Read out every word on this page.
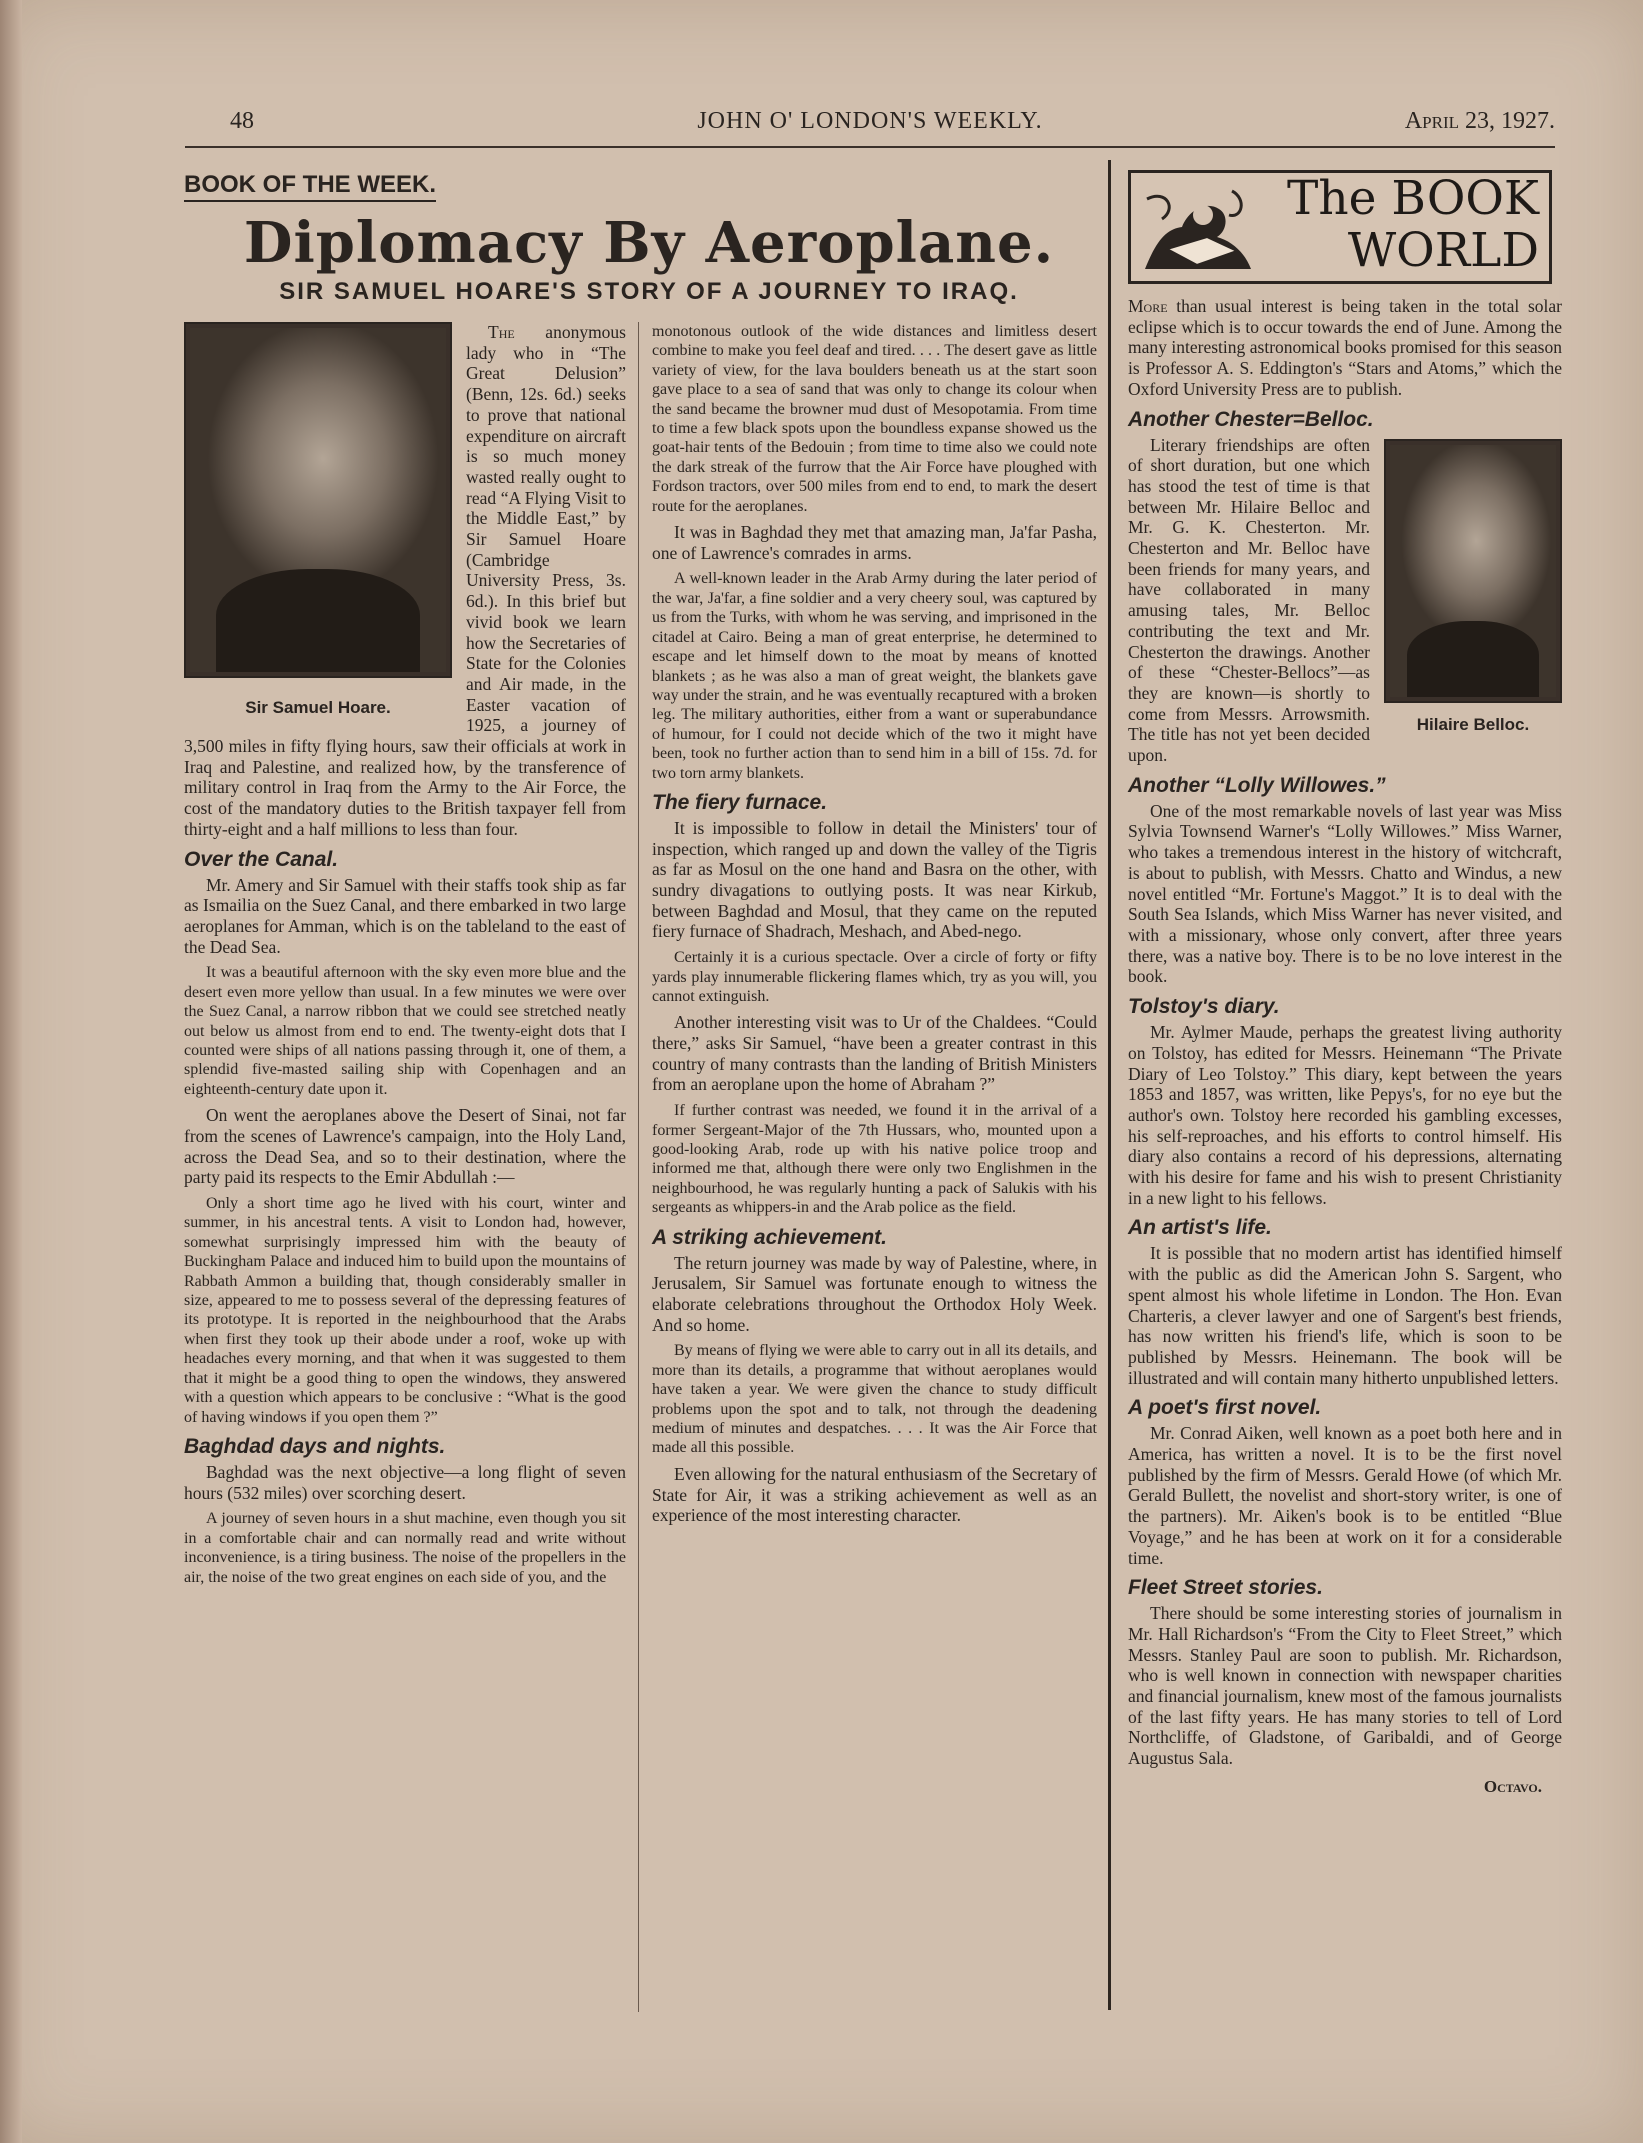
48	JOHN O' LONDON'S WEEKLY.	April 23, 1927.
BOOK OF THE WEEK.
Diplomacy By Aeroplane.
SIR SAMUEL HOARE'S STORY OF A JOURNEY TO IRAQ.
Sir Samuel Hoare.

The anonymous lady who in “The Great Delusion” (Benn, 12s. 6d.) seeks to prove that national expenditure on aircraft is so much money wasted really ought to read “A Flying Visit to the Middle East,” by Sir Samuel Hoare (Cambridge University Press, 3s. 6d.). In this brief but vivid book we learn how the Secretaries of State for the Colonies and Air made, in the Easter vacation of 1925, a journey of 3,500 miles in fifty flying hours, saw their officials at work in Iraq and Palestine, and realized how, by the transference of military control in Iraq from the Army to the Air Force, the cost of the mandatory duties to the British taxpayer fell from thirty-eight and a half millions to less than four.

Over the Canal.

Mr. Amery and Sir Samuel with their staffs took ship as far as Ismailia on the Suez Canal, and there embarked in two large aeroplanes for Amman, which is on the tableland to the east of the Dead Sea.

It was a beautiful afternoon with the sky even more blue and the desert even more yellow than usual. In a few minutes we were over the Suez Canal, a narrow ribbon that we could see stretched neatly out below us almost from end to end. The twenty-eight dots that I counted were ships of all nations passing through it, one of them, a splendid five-masted sailing ship with Copenhagen and an eighteenth-century date upon it.

On went the aeroplanes above the Desert of Sinai, not far from the scenes of Lawrence's campaign, into the Holy Land, across the Dead Sea, and so to their destination, where the party paid its respects to the Emir Abdullah :—

Only a short time ago he lived with his court, winter and summer, in his ancestral tents. A visit to London had, however, somewhat surprisingly impressed him with the beauty of Buckingham Palace and induced him to build upon the mountains of Rabbath Ammon a building that, though considerably smaller in size, appeared to me to possess several of the depressing features of its prototype. It is reported in the neighbourhood that the Arabs when first they took up their abode under a roof, woke up with headaches every morning, and that when it was suggested to them that it might be a good thing to open the windows, they answered with a question which appears to be conclusive : “What is the good of having windows if you open them ?”

Baghdad days and nights.

Baghdad was the next objective—a long flight of seven hours (532 miles) over scorching desert.

A journey of seven hours in a shut machine, even though you sit in a comfortable chair and can normally read and write without inconvenience, is a tiring business. The noise of the propellers in the air, the noise of the two great engines on each side of you, and the

monotonous outlook of the wide distances and limitless desert combine to make you feel deaf and tired. . . . The desert gave as little variety of view, for the lava boulders beneath us at the start soon gave place to a sea of sand that was only to change its colour when the sand became the browner mud dust of Mesopotamia. From time to time a few black spots upon the boundless expanse showed us the goat-hair tents of the Bedouin ; from time to time also we could note the dark streak of the furrow that the Air Force have ploughed with Fordson tractors, over 500 miles from end to end, to mark the desert route for the aeroplanes.

It was in Baghdad they met that amazing man, Ja'far Pasha, one of Lawrence's comrades in arms.

A well-known leader in the Arab Army during the later period of the war, Ja'far, a fine soldier and a very cheery soul, was captured by us from the Turks, with whom he was serving, and imprisoned in the citadel at Cairo. Being a man of great enterprise, he determined to escape and let himself down to the moat by means of knotted blankets ; as he was also a man of great weight, the blankets gave way under the strain, and he was eventually recaptured with a broken leg. The military authorities, either from a want or superabundance of humour, for I could not decide which of the two it might have been, took no further action than to send him in a bill of 15s. 7d. for two torn army blankets.

The fiery furnace.

It is impossible to follow in detail the Ministers' tour of inspection, which ranged up and down the valley of the Tigris as far as Mosul on the one hand and Basra on the other, with sundry divagations to outlying posts. It was near Kirkub, between Baghdad and Mosul, that they came on the reputed fiery furnace of Shadrach, Meshach, and Abed-nego.

Certainly it is a curious spectacle. Over a circle of forty or fifty yards play innumerable flickering flames which, try as you will, you cannot extinguish.

Another interesting visit was to Ur of the Chaldees. “Could there,” asks Sir Samuel, “have been a greater contrast in this country of many contrasts than the landing of British Ministers from an aeroplane upon the home of Abraham ?”

If further contrast was needed, we found it in the arrival of a former Sergeant-Major of the 7th Hussars, who, mounted upon a good-looking Arab, rode up with his native police troop and informed me that, although there were only two Englishmen in the neighbourhood, he was regularly hunting a pack of Salukis with his sergeants as whippers-in and the Arab police as the field.

A striking achievement.

The return journey was made by way of Palestine, where, in Jerusalem, Sir Samuel was fortunate enough to witness the elaborate celebrations throughout the Orthodox Holy Week. And so home.

By means of flying we were able to carry out in all its details, and more than its details, a programme that without aeroplanes would have taken a year. We were given the chance to study difficult problems upon the spot and to talk, not through the deadening medium of minutes and despatches. . . . It was the Air Force that made all this possible.

Even allowing for the natural enthusiasm of the Secretary of State for Air, it was a striking achievement as well as an experience of the most interesting character.

The BOOK
WORLD

More than usual interest is being taken in the total solar eclipse which is to occur towards the end of June. Among the many interesting astronomical books promised for this season is Professor A. S. Eddington's “Stars and Atoms,” which the Oxford University Press are to publish.

Another Chester=Belloc.
Hilaire Belloc.

Literary friendships are often of short duration, but one which has stood the test of time is that between Mr. Hilaire Belloc and Mr. G. K. Chesterton. Mr. Chesterton and Mr. Belloc have been friends for many years, and have collaborated in many amusing tales, Mr. Belloc contributing the text and Mr. Chesterton the drawings. Another of these “Chester-Bellocs”—as they are known—is shortly to come from Messrs. Arrowsmith. The title has not yet been decided upon.

Another “Lolly Willowes.”

One of the most remarkable novels of last year was Miss Sylvia Townsend Warner's “Lolly Willowes.” Miss Warner, who takes a tremendous interest in the history of witchcraft, is about to publish, with Messrs. Chatto and Windus, a new novel entitled “Mr. Fortune's Maggot.” It is to deal with the South Sea Islands, which Miss Warner has never visited, and with a missionary, whose only convert, after three years there, was a native boy. There is to be no love interest in the book.

Tolstoy's diary.

Mr. Aylmer Maude, perhaps the greatest living authority on Tolstoy, has edited for Messrs. Heinemann “The Private Diary of Leo Tolstoy.” This diary, kept between the years 1853 and 1857, was written, like Pepys's, for no eye but the author's own. Tolstoy here recorded his gambling excesses, his self-reproaches, and his efforts to control himself. His diary also contains a record of his depressions, alternating with his desire for fame and his wish to present Christianity in a new light to his fellows.

An artist's life.

It is possible that no modern artist has identified himself with the public as did the American John S. Sargent, who spent almost his whole lifetime in London. The Hon. Evan Charteris, a clever lawyer and one of Sargent's best friends, has now written his friend's life, which is soon to be published by Messrs. Heinemann. The book will be illustrated and will contain many hitherto unpublished letters.

A poet's first novel.

Mr. Conrad Aiken, well known as a poet both here and in America, has written a novel. It is to be the first novel published by the firm of Messrs. Gerald Howe (of which Mr. Gerald Bullett, the novelist and short-story writer, is one of the partners). Mr. Aiken's book is to be entitled “Blue Voyage,” and he has been at work on it for a considerable time.

Fleet Street stories.

There should be some interesting stories of journalism in Mr. Hall Richardson's “From the City to Fleet Street,” which Messrs. Stanley Paul are soon to publish. Mr. Richardson, who is well known in connection with newspaper charities and financial journalism, knew most of the famous journalists of the last fifty years. He has many stories to tell of Lord Northcliffe, of Gladstone, of Garibaldi, and of George Augustus Sala.

Octavo.
